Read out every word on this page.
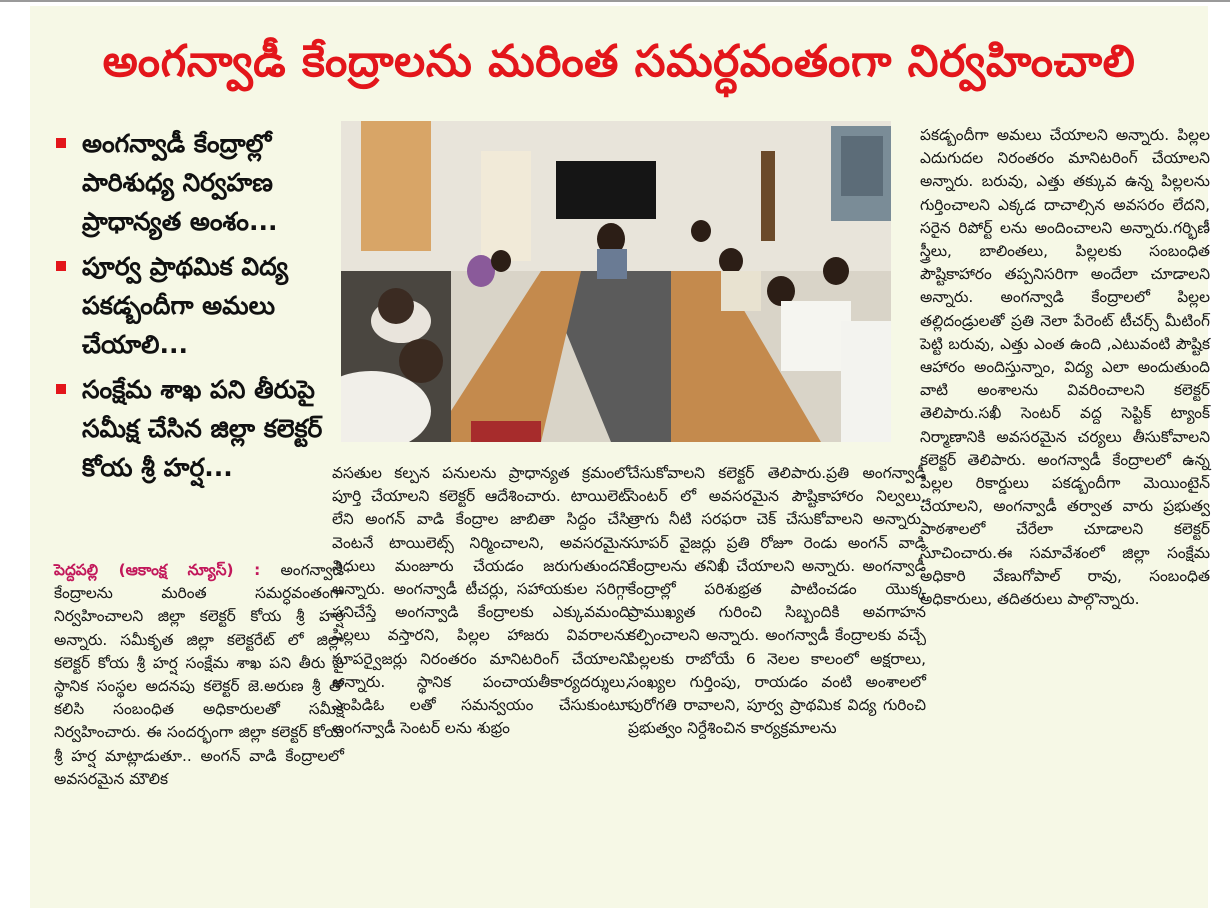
అంగన్వాడీ కేంద్రాలను మరింత సమర్ధవంతంగా నిర్వహించాలి
అంగన్వాడీ కేంద్రాల్లో పారిశుధ్య నిర్వహణ ప్రాధాన్యత అంశం...
పూర్వ ప్రాథమిక విద్య పకడ్బందీగా అమలు చేయాలి...
సంక్షేమ శాఖ పని తీరుపై సమీక్ష చేసిన జిల్లా కలెక్టర్ కోయ శ్రీ హర్ష...
పెద్దపల్లి (ఆకాంక్ష న్యూస్) : అంగన్వాడీ కేంద్రాలను మరింత సమర్ధవంతంగా నిర్వహించాలని జిల్లా కలెక్టర్ కోయ శ్రీ హర్ష అన్నారు. సమీకృత జిల్లా కలెక్టరేట్ లో జిల్లా కలెక్టర్ కోయ శ్రీ హర్ష సంక్షేమ శాఖ పని తీరు పై స్థానిక సంస్థల అదనపు కలెక్టర్ జె.అరుణ శ్రీ తో కలిసి సంబంధిత అధికారులతో సమీక్ష నిర్వహించారు. ఈ సందర్భంగా జిల్లా కలెక్టర్ కోయ శ్రీ హర్ష మాట్లాడుతూ.. అంగన్ వాడి కేంద్రాలలో అవసరమైన మౌలిక
వసతుల కల్పన పనులను ప్రాధాన్యత క్రమంలో పూర్తి చేయాలని కలెక్టర్ ఆదేశించారు. టాయిలెట్ లేని అంగన్ వాడి కేంద్రాల జాబితా సిద్దం చేసి వెంటనే టాయిలెట్స్ నిర్మించాలని, అవసరమైన నిధులు మంజూరు చేయడం జరుగుతుందని అన్నారు. అంగన్వాడీ టీచర్లు, సహాయకుల సరిగ్గా పనిచేస్తే అంగన్వాడి కేంద్రాలకు ఎక్కువమంది పిల్లలు వస్తారని, పిల్లల హాజరు వివరాలను సూపర్వైజర్లు నిరంతరం మానిటరింగ్ చేయాలని అన్నారు. స్థానిక పంచాయతీకార్యదర్శులు, ఎంపిడిఓ లతో సమన్వయం చేసుకుంటూ అంగన్వాడీ సెంటర్ లను శుభ్రం
చేసుకోవాలని కలెక్టర్ తెలిపారు.ప్రతి అంగన్వాడీ సెంటర్ లో అవసరమైన పౌష్టికాహారం నిల్వలు, త్రాగు నీటి సరఫరా చెక్ చేసుకోవాలని అన్నారు. సూపర్ వైజర్లు ప్రతి రోజూ రెండు అంగన్ వాడి కేంద్రాలను తనిఖీ చేయాలని అన్నారు. అంగన్వాడీ కేంద్రాల్లో పరిశుభ్రత పాటించడం యొక్క ప్రాముఖ్యత గురించి సిబ్బందికి అవగాహన కల్పించాలని అన్నారు. అంగన్వాడీ కేంద్రాలకు వచ్చే పిల్లలకు రాబోయే 6 నెలల కాలంలో అక్షరాలు, సంఖ్యల గుర్తింపు, రాయడం వంటి అంశాలలో పురోగతి రావాలని, పూర్వ ప్రాథమిక విద్య గురించి ప్రభుత్వం నిర్దేశించిన కార్యక్రమాలను
పకడ్బందీగా అమలు చేయాలని అన్నారు. పిల్లల ఎదుగుదల నిరంతరం మానిటరింగ్ చేయాలని అన్నారు. బరువు, ఎత్తు తక్కువ ఉన్న పిల్లలను గుర్తించాలని ఎక్కడ దాచాల్సిన అవసరం లేదని, సరైన రిపోర్ట్ లను అందించాలని అన్నారు.గర్భిణీ స్త్రీలు, బాలింతలు, పిల్లలకు సంబంధిత పౌష్టికాహారం తప్పనిసరిగా అందేలా చూడాలని అన్నారు. అంగన్వాడి కేంద్రాలలో పిల్లల తల్లిదండ్రులతో ప్రతి నెలా పేరెంట్ టీచర్స్ మీటింగ్ పెట్టి బరువు, ఎత్తు ఎంత ఉంది ,ఎటువంటి పౌష్టిక ఆహారం అందిస్తున్నాం, విద్య ఎలా అందుతుంది వాటి అంశాలను వివరించాలని కలెక్టర్ తెలిపారు.సఖీ సెంటర్ వద్ద సెప్టిక్ ట్యాంక్ నిర్మాణానికి అవసరమైన చర్యలు తీసుకోవాలని కలెక్టర్ తెలిపారు. అంగన్వాడీ కేంద్రాలలో ఉన్న పిల్లల రికార్డులు పకడ్బందీగా మెయింటైన్ చేయాలని, అంగన్వాడీ తర్వాత వారు ప్రభుత్వ పాఠశాలలో చేరేలా చూడాలని కలెక్టర్ సూచించారు.ఈ సమావేశంలో జిల్లా సంక్షేమ అధికారి వేణుగోపాల్ రావు, సంబంధిత అధికారులు, తదితరులు పాల్గొన్నారు.
